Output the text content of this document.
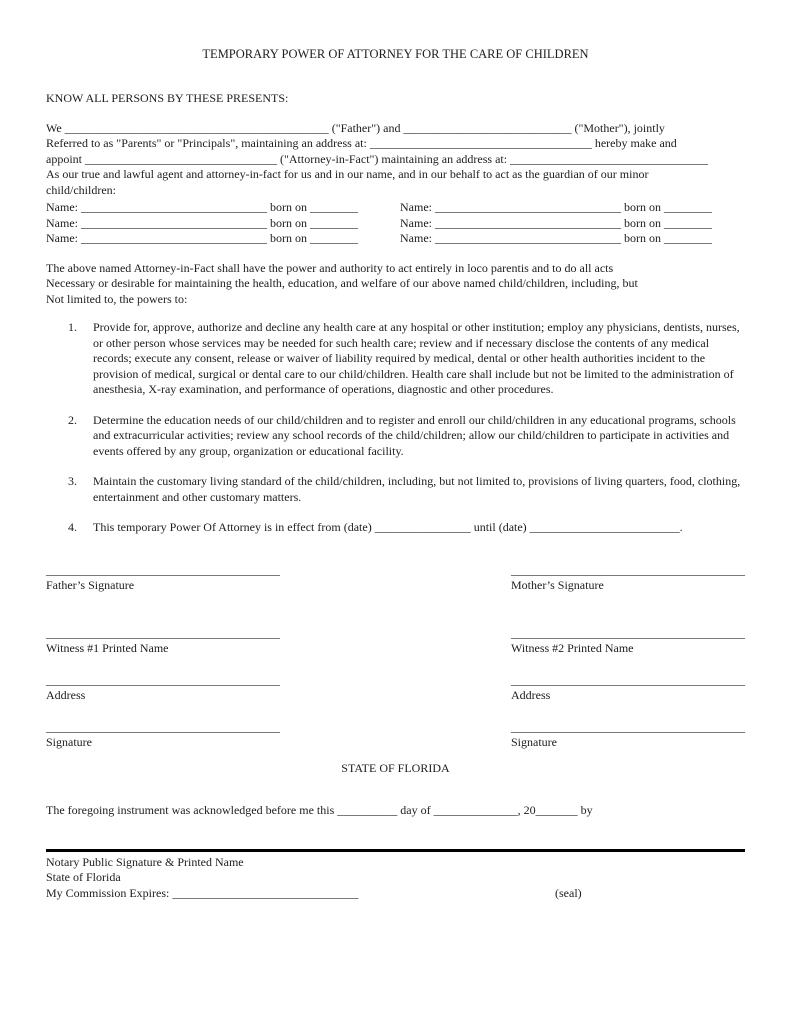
TEMPORARY POWER OF ATTORNEY FOR THE CARE OF CHILDREN
KNOW ALL PERSONS BY THESE PRESENTS:
We ____________________________________________ ("Father") and ____________________________ ("Mother"), jointly
Referred to as "Parents" or "Principals", maintaining an address at: _____________________________________ hereby make and
appoint ________________________________ ("Attorney-in-Fact") maintaining an address at: _________________________________
As our true and lawful agent and attorney-in-fact for us and in our name, and in our behalf to act as the guardian of our minor
child/children:
Name: _______________________________ born on ________	Name: _______________________________ born on ________
Name: _______________________________ born on ________	Name: _______________________________ born on ________
Name: _______________________________ born on ________	Name: _______________________________ born on ________
The above named Attorney-in-Fact shall have the power and authority to act entirely in loco parentis and to do all acts
Necessary or desirable for maintaining the health, education, and welfare of our above named child/children, including, but
Not limited to, the powers to:
1.	Provide for, approve, authorize and decline any health care at any hospital or other institution; employ any physicians, dentists, nurses, or other person whose services may be needed for such health care; review and if necessary disclose the contents of any medical records; execute any consent, release or waiver of liability required by medical, dental or other health authorities incident to the provision of medical, surgical or dental care to our child/children. Health care shall include but not be limited to the administration of anesthesia, X-ray examination, and performance of operations, diagnostic and other procedures.
2.	Determine the education needs of our child/children and to register and enroll our child/children in any educational programs, schools and extracurricular activities; review any school records of the child/children; allow our child/children to participate in activities and events offered by any group, organization or educational facility.
3.	Maintain the customary living standard of the child/children, including, but not limited to, provisions of living quarters, food, clothing, entertainment and other customary matters.
4.	This temporary Power Of Attorney is in effect from (date) ________________ until (date) _________________________.
_______________________________________
Father’s Signature
_______________________________________
Mother’s Signature
_______________________________________
Witness #1 Printed Name
_______________________________________
Witness #2 Printed Name
_______________________________________
Address
_______________________________________
Address
_______________________________________
Signature
_______________________________________
Signature
STATE OF FLORIDA
The foregoing instrument was acknowledged before me this __________ day of ______________, 20_______ by
Notary Public Signature & Printed Name
State of Florida
My Commission Expires: _______________________________	(seal)
